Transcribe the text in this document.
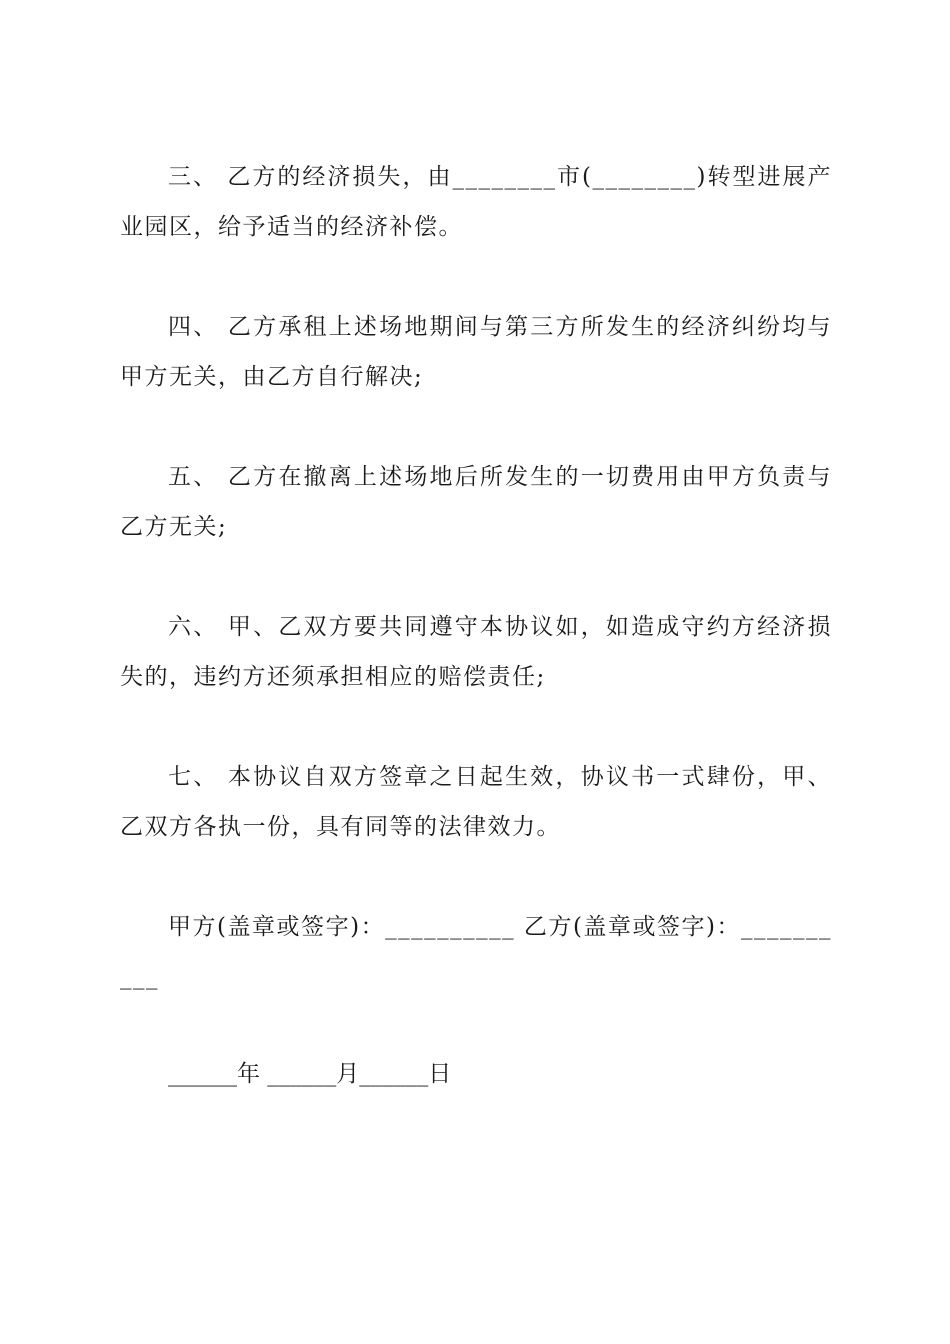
三、 乙方的经济损失，由________市(________)转型进展产业园区，给予适当的经济补偿。

四、 乙方承租上述场地期间与第三方所发生的经济纠纷均与甲方无关，由乙方自行解决;

五、 乙方在撤离上述场地后所发生的一切费用由甲方负责与乙方无关;

六、 甲、乙双方要共同遵守本协议如，如造成守约方经济损失的，违约方还须承担相应的赔偿责任;

七、 本协议自双方签章之日起生效，协议书一式肆份，甲、乙双方各执一份，具有同等的法律效力。

甲方(盖章或签字)：__________ 乙方(盖章或签字)：__________

______年 ______月______日
